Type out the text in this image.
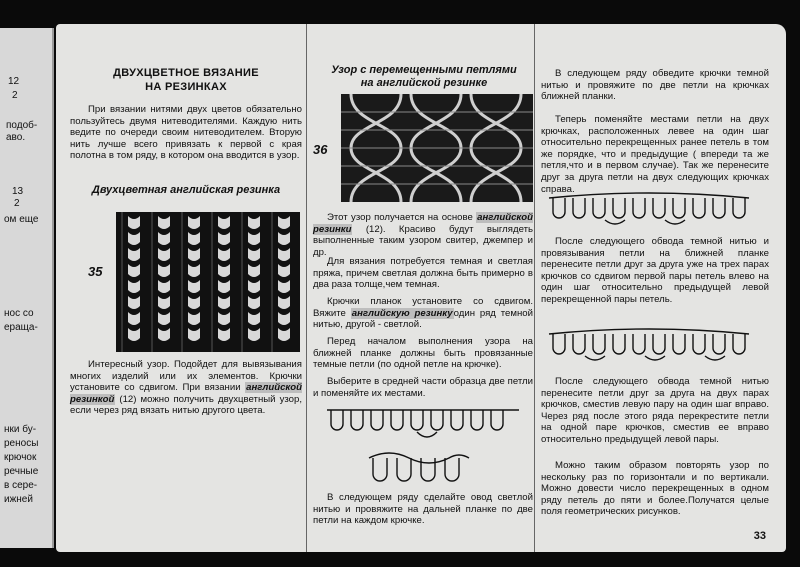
12
2
подоб-
аво.
13
2
ом еще
нос со
ераща-
нки бу-
реносы
крючок
речные
в сере-
ижней
ДВУХЦВЕТНОЕ ВЯЗАНИЕ
НА РЕЗИНКАХ

При вязании нитями двух цветов обязательно пользуйтесь двумя нитеводителями. Каждую нить ведите по очереди своим нитеводителем. Вторую нить лучше всего привязать к первой с края полотна в том ряду, в котором она вводится в узор.

Двухцветная английская резинка
35

Интересный узор. Подойдет для вывязывания многих изделий или их элементов. Крючки установите со сдвигом. При вязании английской резинкой (12) можно получить двухцветный узор, если через ряд вязать нитью другого цвета.

Узор с перемещенными петлями
на английской резинке
36

Этот узор получается на основе английской резинки (12). Красиво будут выглядеть выполненные таким узором свитер, джемпер и др.

Для вязания потребуется темная и светлая пряжа, причем светлая должна быть примерно в два раза толще,чем темная.

Крючки планок установите со сдвигом. Вяжите английскую резинкуодин ряд темной нитью, другой - светлой.

Перед началом выполнения узора на ближней планке должны быть провязанные темные петли (по одной петле на крючке).

Выберите в средней части образца две петли и поменяйте их местами.

В следующем ряду сделайте овод светлой нитью и провяжите на дальней планке по две петли на каждом крючке.

В следующем ряду обведите крючки темной нитью и провяжите по две петли на крючках ближней планки.

Теперь поменяйте местами петли на двух крючках, расположенных левее на один шаг относительно перекрещенных ранее петель в том же порядке, что и предыдущие ( впереди та же петля,что и в первом случае). Так же перенесите друг за друга петли на двух следующих крючках справа.

После следующего обвода темной нитью и провязывания петли на ближней планке перенесите петли друг за друга уже на трех парах крючков со сдвигом первой пары петель влево на один шаг относительно предыдущей левой перекрещенной пары петель.

После следующего обвода темной нитью перенесите петли друг за друга на двух парах крючков, сместив левую пару на один шаг вправо. Через ряд после этого ряда перекрестите петли на одной паре крючков, сместив ее вправо относительно предыдущей левой пары.

Можно таким образом повторять узор по нескольку раз по горизонтали и по вертикали. Можно довести число перекрещенных в одном ряду петель до пяти и более.Получатся целые поля геометрических рисунков.

33
